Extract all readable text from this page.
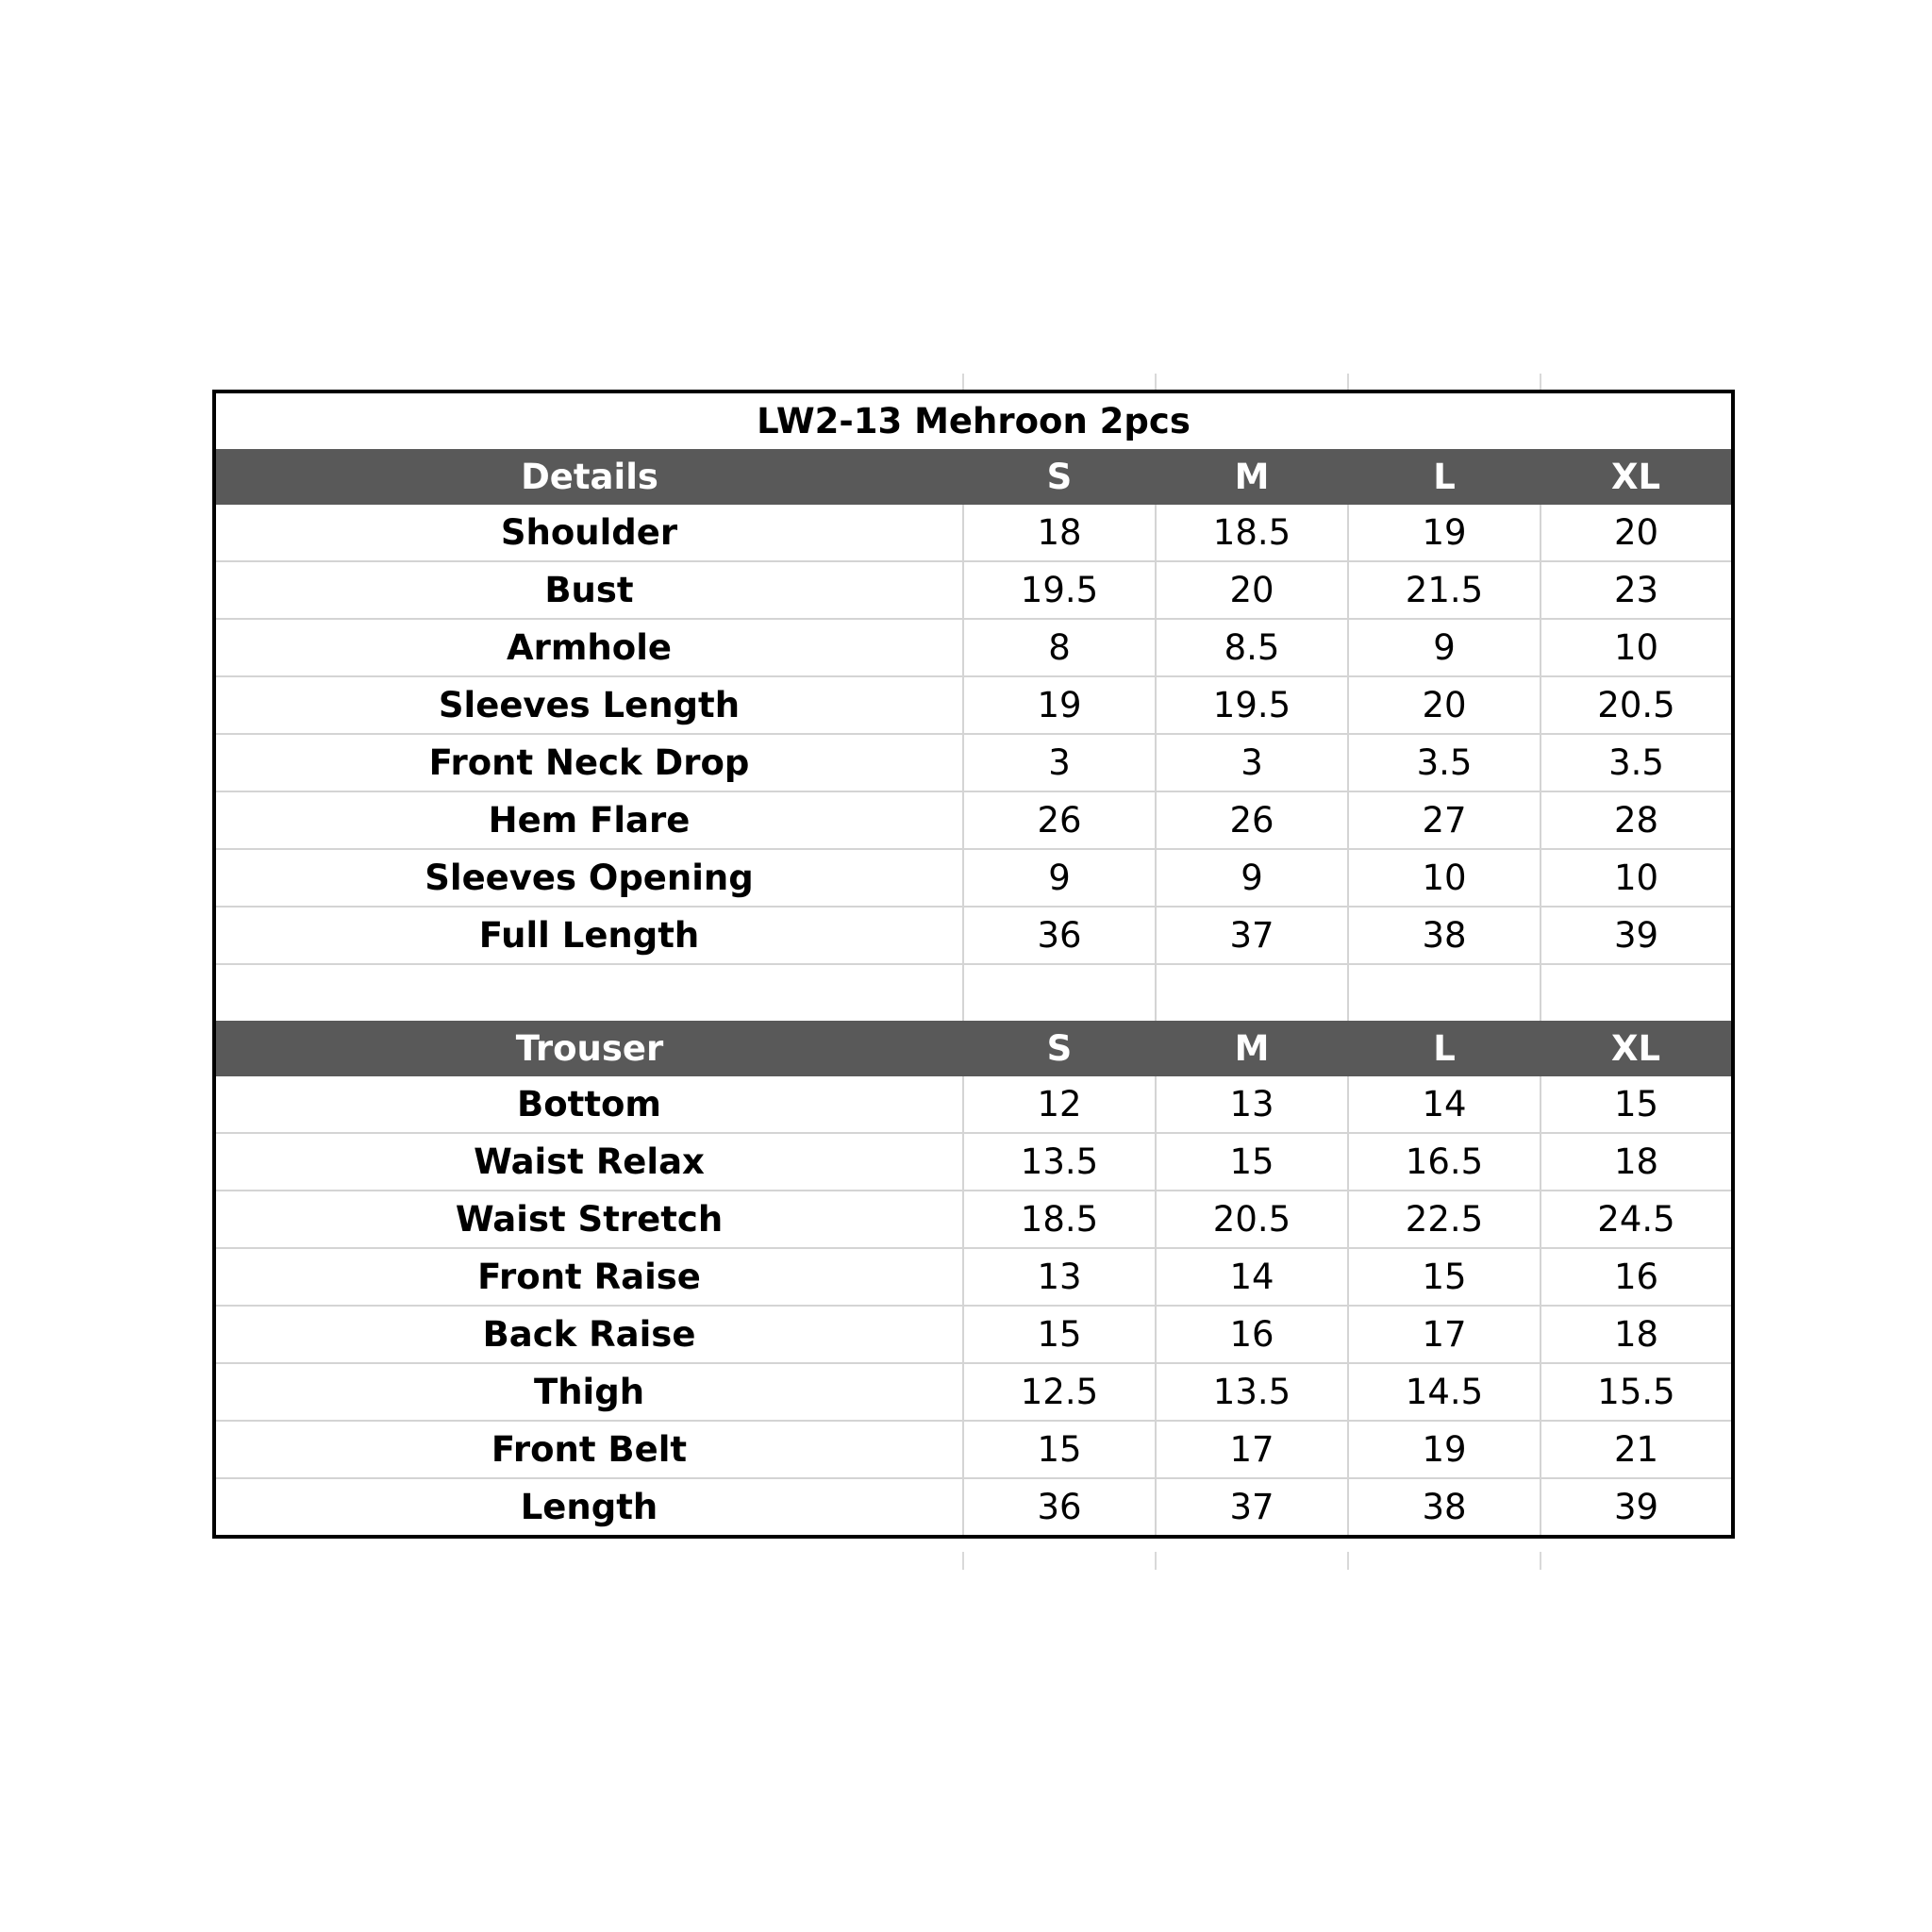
LW2-13 Mehroon 2pcs				
Details	S	M	L	XL
Shoulder	18	18.5	19	20
Bust	19.5	20	21.5	23
Armhole	8	8.5	9	10
Sleeves Length	19	19.5	20	20.5
Front Neck Drop	3	3	3.5	3.5
Hem Flare	26	26	27	28
Sleeves Opening	9	9	10	10
Full Length	36	37	38	39

Trouser	S	M	L	XL
Bottom	12	13	14	15
Waist Relax	13.5	15	16.5	18
Waist Stretch	18.5	20.5	22.5	24.5
Front Raise	13	14	15	16
Back Raise	15	16	17	18
Thigh	12.5	13.5	14.5	15.5
Front Belt	15	17	19	21
Length	36	37	38	39
